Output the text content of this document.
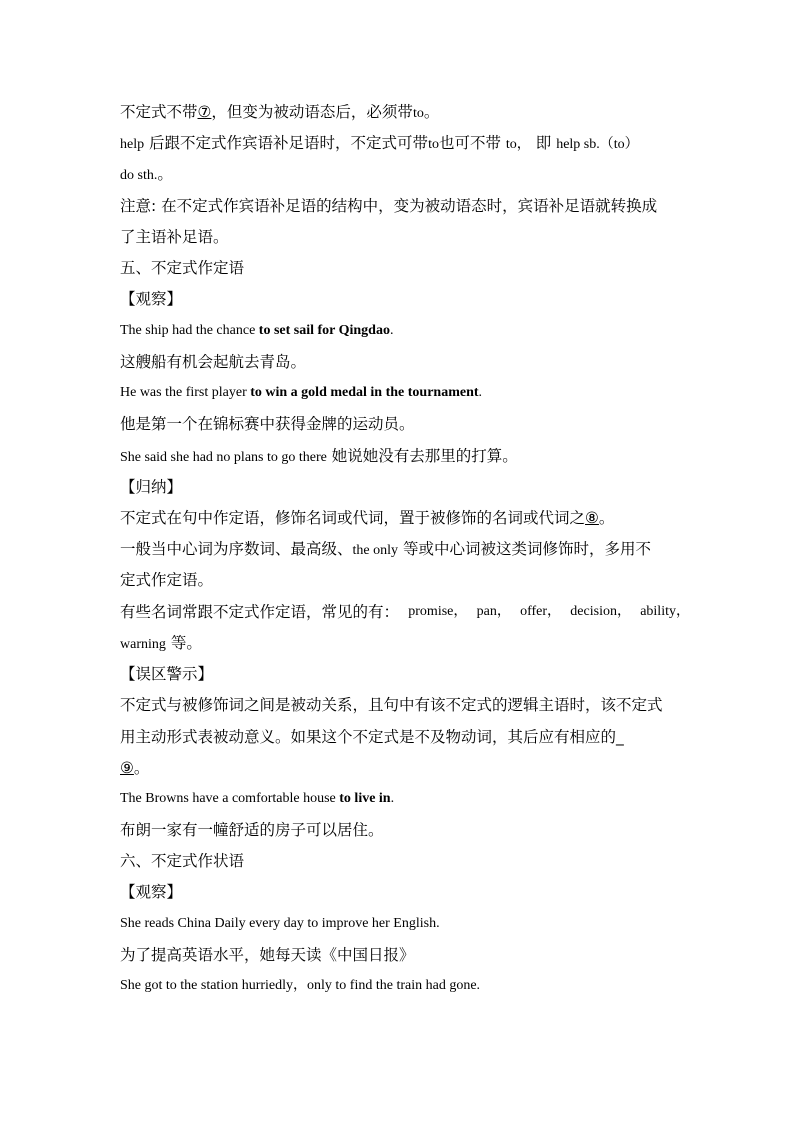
不定式不带⑦，但变为被动语态后，必须带to。
help 后跟不定式作宾语补足语时，不定式可带to也可不带 to， 即 help sb.（to）
do sth.。
注意: 在不定式作宾语补足语的结构中，变为被动语态时，宾语补足语就转换成
了主语补足语。
五、不定式作定语
【观察】
The ship had the chance to set sail for Qingdao.
这艘船有机会起航去青岛。
He was the first player to win a gold medal in the tournament.
他是第一个在锦标赛中获得金牌的运动员。
She said she had no plans to go there 她说她没有去那里的打算。
【归纳】
不定式在句中作定语，修饰名词或代词，置于被修饰的名词或代词之⑧。
一般当中心词为序数词、最高级、the only 等或中心词被这类词修饰时，多用不
定式作定语。
有些名词常跟不定式作定语，常见的有： promise， pan， offer， decision， ability，
warning 等。
【误区警示】
不定式与被修饰词之间是被动关系，且句中有该不定式的逻辑主语时，该不定式
用主动形式表被动意义。如果这个不定式是不及物动词，其后应有相应的_
⑨。
The Browns have a comfortable house to live in.
布朗一家有一幢舒适的房子可以居住。
六、不定式作状语
【观察】
She reads China Daily every day to improve her English.
为了提高英语水平，她每天读《中国日报》
She got to the station hurriedly，only to find the train had gone.
